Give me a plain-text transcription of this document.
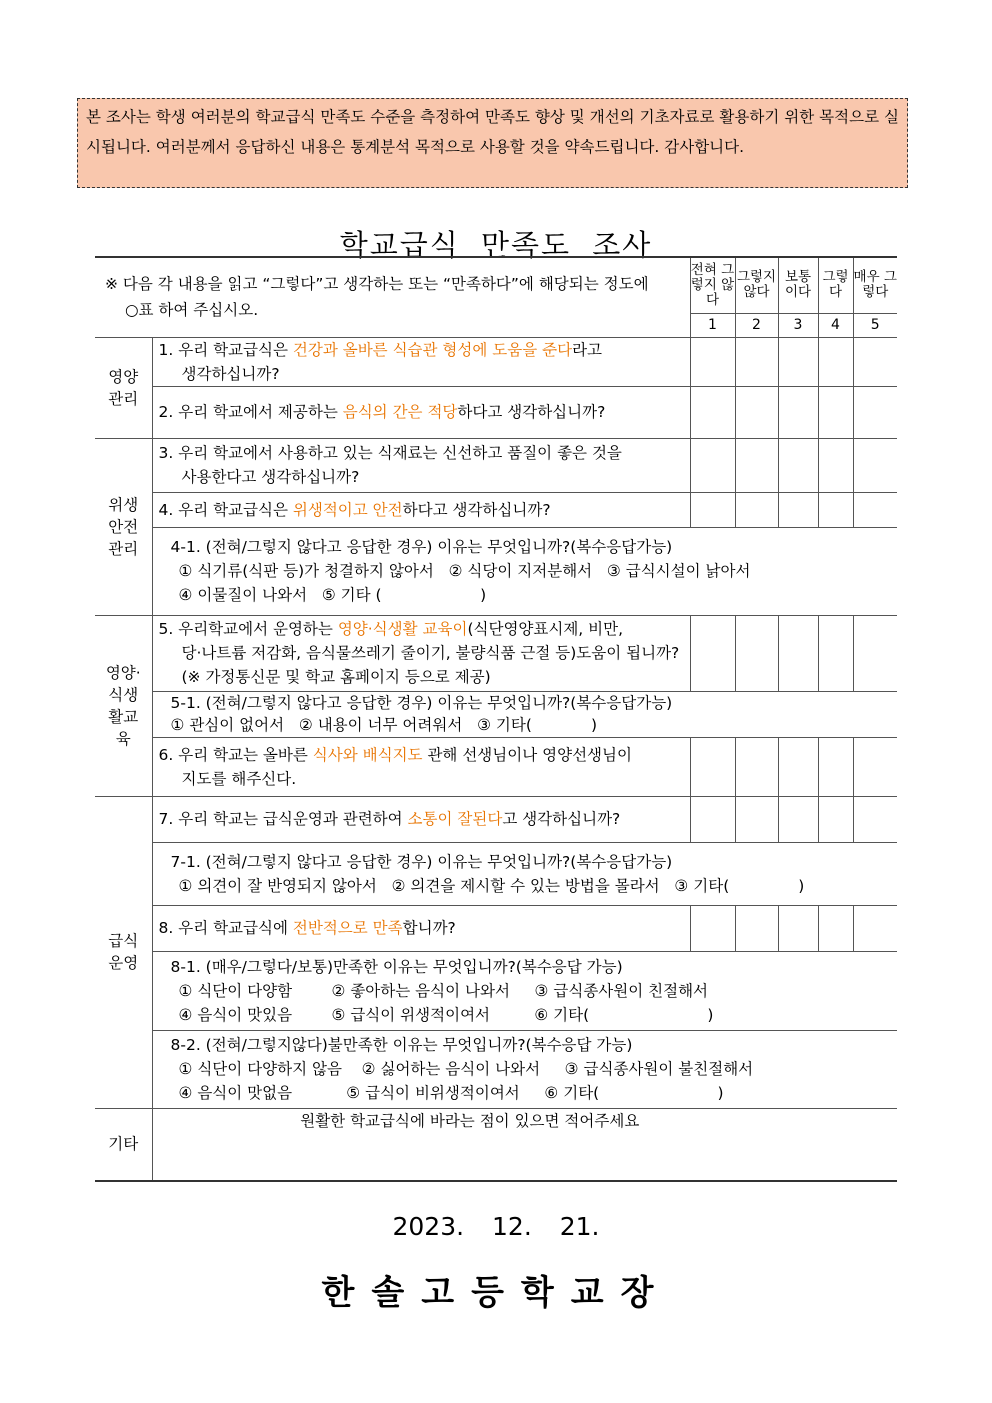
본 조사는 학생 여러분의 학교급식 만족도 수준을 측정하여 만족도 향상 및 개선의 기초자료로 활용하기 위한 목적으로 실시됩니다. 여러분께서 응답하신 내용은 통계분석 목적으로 사용할 것을 약속드립니다. 감사합니다.
학교급식 만족도 조사
※ 다음 각 내용을 읽고 “그렇다”고 생각하는 또는 “만족하다”에 해당되는 정도에
○표 하여 주십시오.		전혀 그렇지 않다	그렇지 않다	보통 이다	그렇다	매우 그렇다
		1	2	3	4	5
영양 관리	1. 우리 학교급식은 건강과 올바른 식습관 형성에 도움을 준다라고
생각하십니까?					

	2. 우리 학교에서 제공하는 음식의 간은 적당하다고 생각하십니까?					
위생 안전 관리	3. 우리 학교에서 사용하고 있는 식재료는 신선하고 품질이 좋은 것을
사용한다고 생각하십니까?					

	4. 우리 학교급식은 위생적이고 안전하다고 생각하십니까?					

	4-1. (전혀/그렇지 않다고 응답한 경우) 이유는 무엇입니까?(복수응답가능)
① 식기류(식판 등)가 청결하지 않아서   ② 식당이 지저분해서   ③ 급식시설이 낡아서
④ 이물질이 나와서   ⑤ 기타 (                    )					

영양· 식생 활교 육	5. 우리학교에서 운영하는 영양·식생활 교육이(식단영양표시제, 비만,
당·나트륨 저감화, 음식물쓰레기 줄이기, 불량식품 근절 등)도움이 됩니까?
(※ 가정통신문 및 학교 홈페이지 등으로 제공)					

	5-1. (전혀/그렇지 않다고 응답한 경우) 이유는 무엇입니까?(복수응답가능)
① 관심이 없어서   ② 내용이 너무 어려워서   ③ 기타(            )					

	6. 우리 학교는 올바른 식사와 배식지도 관해 선생님이나 영양선생님이
지도를 해주신다.					

급식 운영	7. 우리 학교는 급식운영과 관련하여 소통이 잘된다고 생각하십니까?					

	7-1. (전혀/그렇지 않다고 응답한 경우) 이유는 무엇입니까?(복수응답가능)
① 의견이 잘 반영되지 않아서   ② 의견을 제시할 수 있는 방법을 몰라서   ③ 기타(              )					

	8. 우리 학교급식에 전반적으로 만족합니까?					

	8-1. (매우/그렇다/보통)만족한 이유는 무엇입니까?(복수응답 가능)
① 식단이 다양함        ② 좋아하는 음식이 나와서     ③ 급식종사원이 친절해서
④ 음식이 맛있음        ⑤ 급식이 위생적이여서         ⑥ 기타(                        )					

	8-2. (전혀/그렇지않다)불만족한 이유는 무엇입니까?(복수응답 가능)
① 식단이 다양하지 않음    ② 싫어하는 음식이 나와서     ③ 급식종사원이 불친절해서
④ 음식이 맛없음           ⑤ 급식이 비위생적이여서     ⑥ 기타(                        )					

기타	원활한 학교급식에 바라는 점이 있으면 적어주세요					
2023. 12. 21.
한솔고등학교장
